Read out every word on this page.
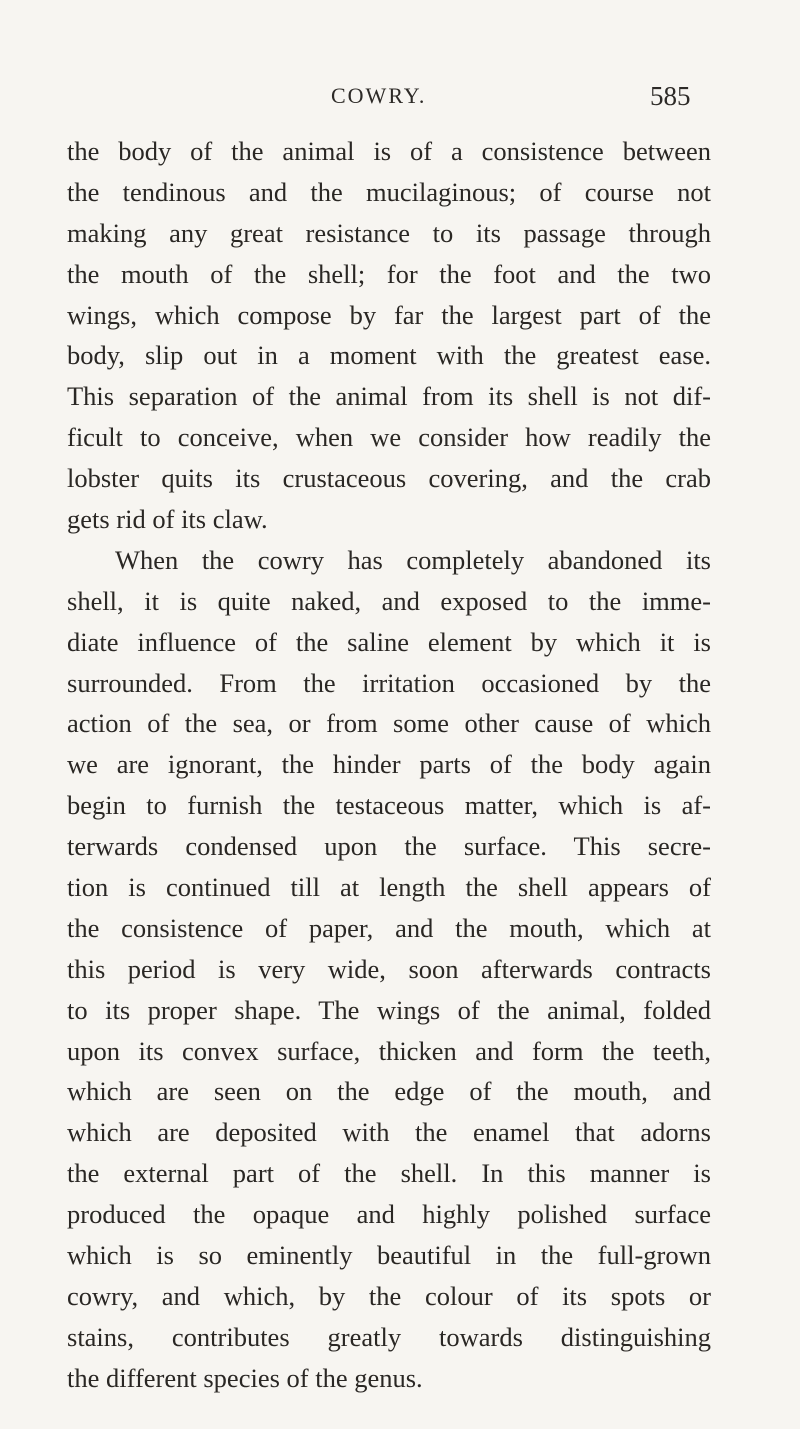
COWRY.	585
the body of the animal is of a consistence between
the tendinous and the mucilaginous; of course not
making any great resistance to its passage through
the mouth of the shell; for the foot and the two
wings, which compose by far the largest part of the
body, slip out in a moment with the greatest ease.
This separation of the animal from its shell is not dif-
ficult to conceive, when we consider how readily the
lobster quits its crustaceous covering, and the crab
gets rid of its claw.
When the cowry has completely abandoned its
shell, it is quite naked, and exposed to the imme-
diate influence of the saline element by which it is
surrounded. From the irritation occasioned by the
action of the sea, or from some other cause of which
we are ignorant, the hinder parts of the body again
begin to furnish the testaceous matter, which is af-
terwards condensed upon the surface. This secre-
tion is continued till at length the shell appears of
the consistence of paper, and the mouth, which at
this period is very wide, soon afterwards contracts
to its proper shape. The wings of the animal, folded
upon its convex surface, thicken and form the teeth,
which are seen on the edge of the mouth, and
which are deposited with the enamel that adorns
the external part of the shell. In this manner is
produced the opaque and highly polished surface
which is so eminently beautiful in the full-grown
cowry, and which, by the colour of its spots or
stains, contributes greatly towards distinguishing
the different species of the genus.
